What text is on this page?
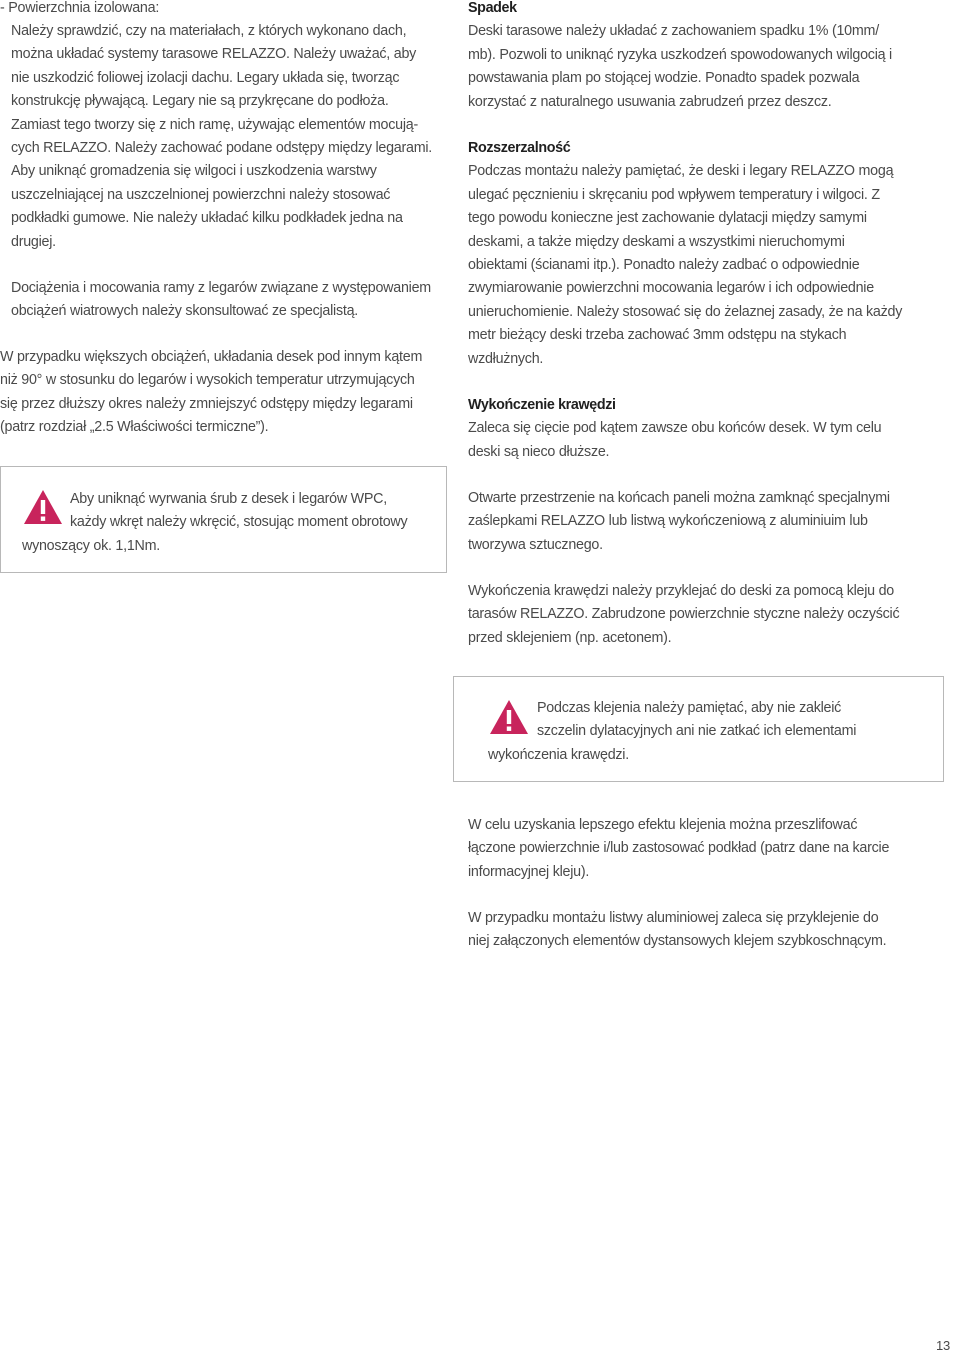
- Powierzchnia izolowana:

Należy sprawdzić, czy na materiałach, z których wykonano dach,
można układać systemy tarasowe RELAZZO. Należy uważać, aby
nie uszkodzić foliowej izolacji dachu. Legary układa się, tworząc
konstrukcję pływającą. Legary nie są przykręcane do podłoża.
Zamiast tego tworzy się z nich ramę, używając elementów mocują-
cych RELAZZO. Należy zachować podane odstępy między legarami.
Aby uniknąć gromadzenia się wilgoci i uszkodzenia warstwy
uszczelniającej na uszczelnionej powierzchni należy stosować
podkładki gumowe. Nie należy układać kilku podkładek jedna na
drugiej.

Dociążenia i mocowania ramy z legarów związane z występowaniem
obciążeń wiatrowych należy skonsultować ze specjalistą.

W przypadku większych obciążeń, układania desek pod innym kątem
niż 90° w stosunku do legarów i wysokich temperatur utrzymujących
się przez dłuższy okres należy zmniejszyć odstępy między legarami
(patrz rozdział „2.5 Właściwości termiczne”).

Aby uniknąć wyrwania śrub z desek i legarów WPC,
każdy wkręt należy wkręcić, stosując moment obrotowy
wynoszący ok. 1,1Nm.

Spadek
Deski tarasowe należy układać z zachowaniem spadku 1% (10mm/
mb). Pozwoli to uniknąć ryzyka uszkodzeń spowodowanych wilgocią i
powstawania plam po stojącej wodzie. Ponadto spadek pozwala
korzystać z naturalnego usuwania zabrudzeń przez deszcz.

Rozszerzalność
Podczas montażu należy pamiętać, że deski i legary RELAZZO mogą
ulegać pęcznieniu i skręcaniu pod wpływem temperatury i wilgoci. Z
tego powodu konieczne jest zachowanie dylatacji między samymi
deskami, a także między deskami a wszystkimi nieruchomymi
obiektami (ścianami itp.). Ponadto należy zadbać o odpowiednie
zwymiarowanie powierzchni mocowania legarów i ich odpowiednie
unieruchomienie. Należy stosować się do żelaznej zasady, że na każdy
metr bieżący deski trzeba zachować 3mm odstępu na stykach
wzdłużnych.

Wykończenie krawędzi
Zaleca się cięcie pod kątem zawsze obu końców desek. W tym celu
deski są nieco dłuższe.

Otwarte przestrzenie na końcach paneli można zamknąć specjalnymi
zaślepkami RELAZZO lub listwą wykończeniową z aluminiuim lub
tworzywa sztucznego.

Wykończenia krawędzi należy przyklejać do deski za pomocą kleju do
tarasów RELAZZO. Zabrudzone powierzchnie styczne należy oczyścić
przed sklejeniem (np. acetonem).

W celu uzyskania lepszego efektu klejenia można przeszlifować
łączone powierzchnie i/lub zastosować podkład (patrz dane na karcie
informacyjnej kleju).

W przypadku montażu listwy aluminiowej zaleca się przyklejenie do
niej załączonych elementów dystansowych klejem szybkoschnącym.

Podczas klejenia należy pamiętać, aby nie zakleić
szczelin dylatacyjnych ani nie zatkać ich elementami
wykończenia krawędzi.
13
